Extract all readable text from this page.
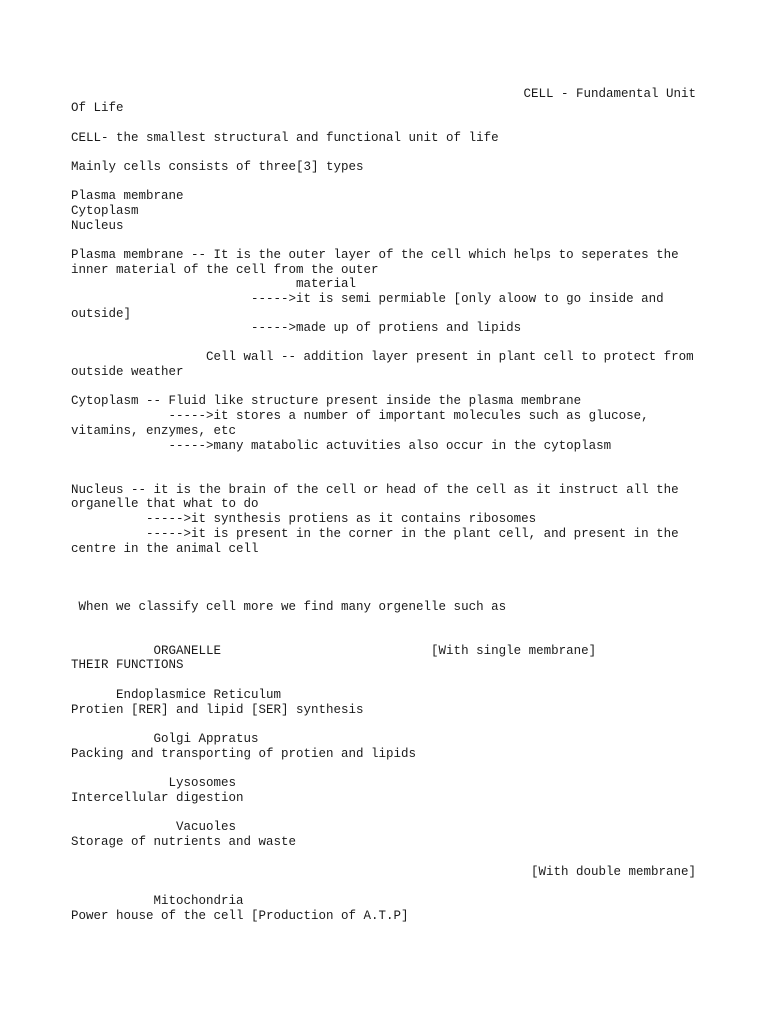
CELL - Fundamental Unit

Of Life

CELL- the smallest structural and functional unit of life

Mainly cells consists of three[3] types

Plasma membrane

Cytoplasm

Nucleus

Plasma membrane -- It is the outer layer of the cell which helps to seperates the

inner material of the cell from the outer

material

----->it is semi permiable [only aloow to go inside and

outside]

----->made up of protiens and lipids

Cell wall -- addition layer present in plant cell to protect from

outside weather

Cytoplasm -- Fluid like structure present inside the plasma membrane

----->it stores a number of important molecules such as glucose,

vitamins, enzymes, etc

----->many matabolic actuvities also occur in the cytoplasm

Nucleus -- it is the brain of the cell or head of the cell as it instruct all the

organelle that what to do

----->it synthesis protiens as it contains ribosomes

----->it is present in the corner in the plant cell, and present in the

centre in the animal cell

When we classify cell more we find many orgenelle such as

ORGANELLE                            [With single membrane]

THEIR FUNCTIONS

Endoplasmice Reticulum

Protien [RER] and lipid [SER] synthesis

Golgi Appratus

Packing and transporting of protien and lipids

Lysosomes

Intercellular digestion

Vacuoles

Storage of nutrients and waste

[With double membrane]

Mitochondria

Power house of the cell [Production of A.T.P]
